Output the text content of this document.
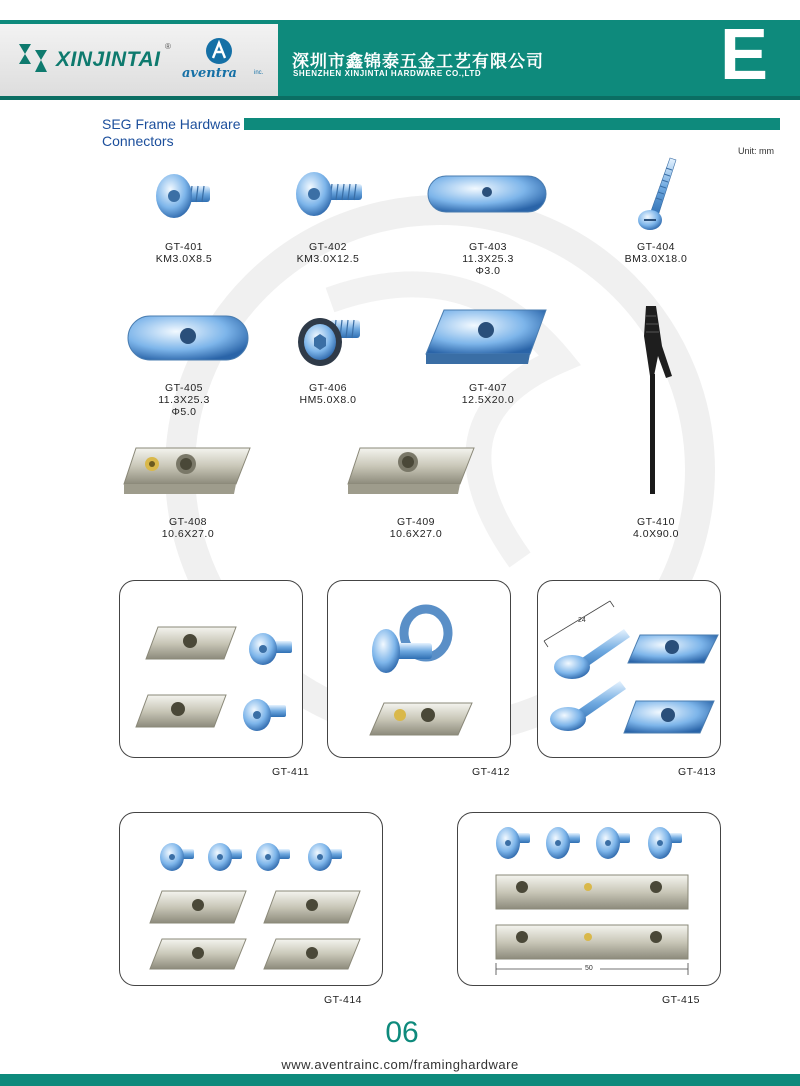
XINJINTAI
®
aventra	inc.
深圳市鑫锦泰五金工艺有限公司
SHENZHEN XINJINTAI HARDWARE CO.,LTD	E
SEG Frame Hardware
Connectors
Unit: mm
GT-401
KM3.0X8.5
GT-402
KM3.0X12.5
GT-403
11.3X25.3
Φ3.0
GT-404
BM3.0X18.0
GT-405
11.3X25.3
Φ5.0
GT-406
HM5.0X8.0
GT-407
12.5X20.0
GT-410
4.0X90.0
GT-408
10.6X27.0
GT-409
10.6X27.0
GT-411	GT-412
24
GT-413
GT-414
50
GT-415
06
www.aventrainc.com/framinghardware
